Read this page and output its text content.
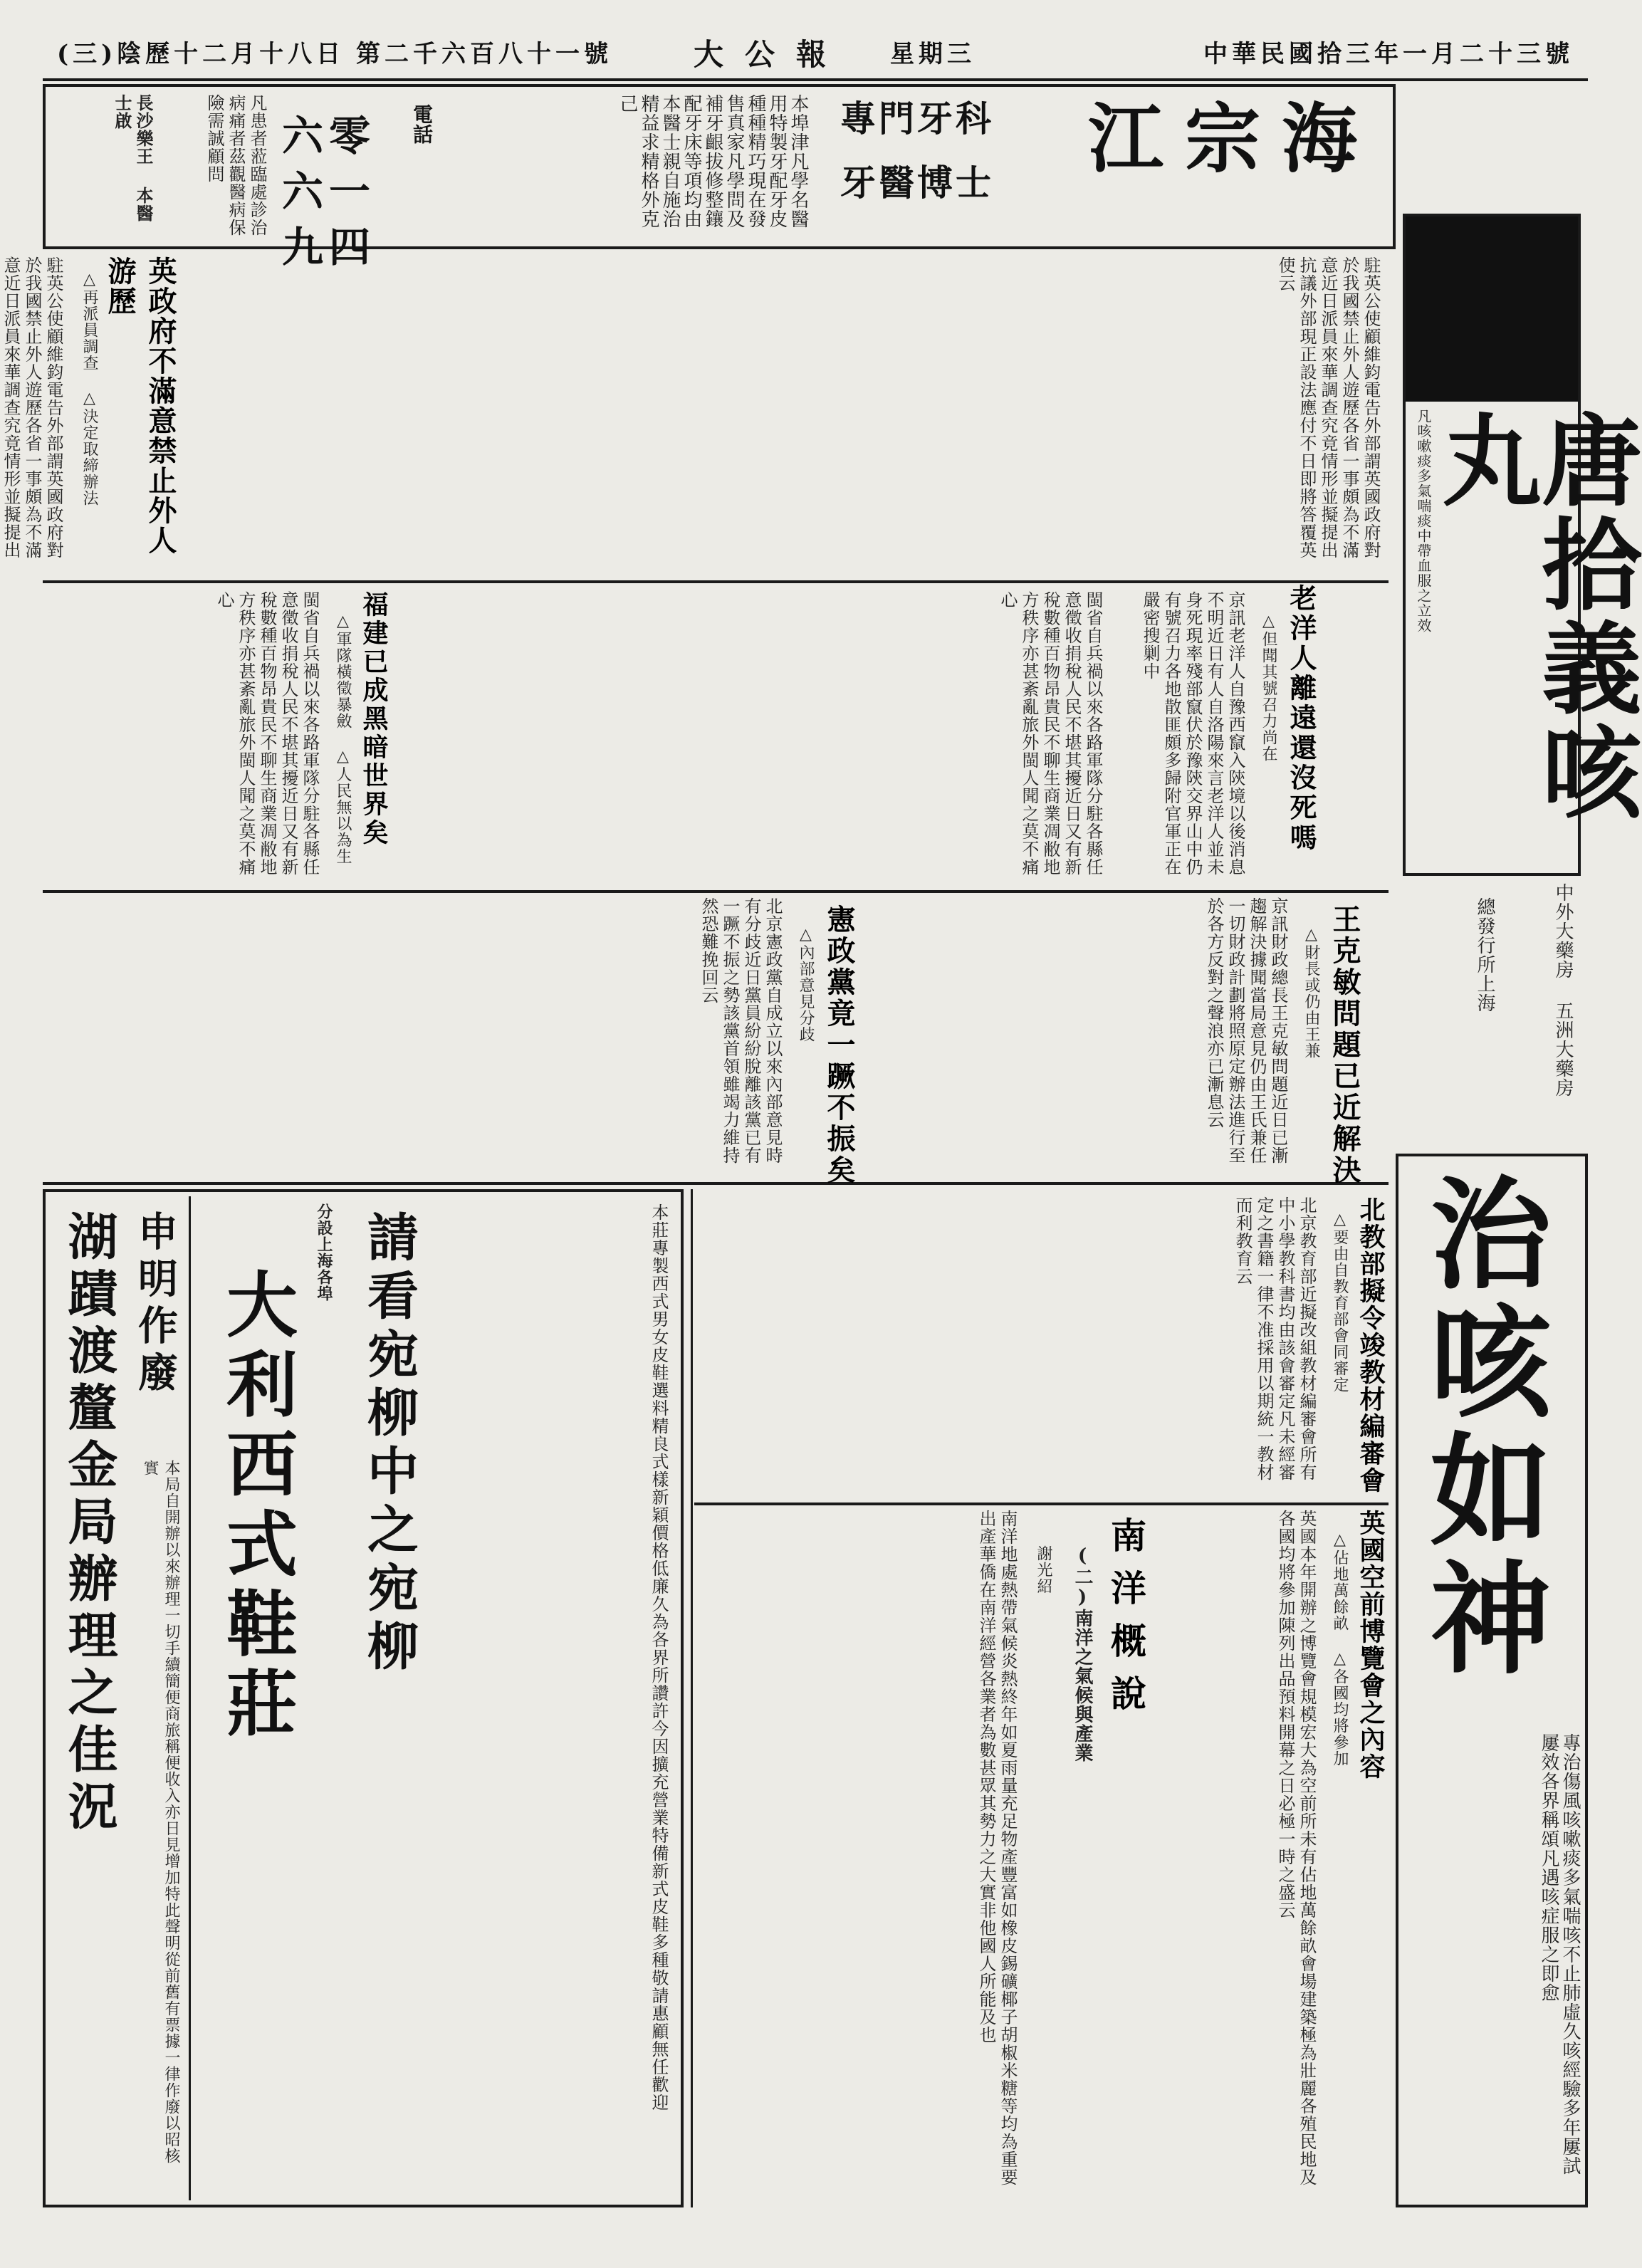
中華民國拾三年一月二十三號
星期三
大公報
第二千六百八十一號
(三)陰歷十二月十八日
江宗海
專門牙科
牙醫博士
本埠津凡學名醫用特製牙配牙皮種種精巧現在發售真家凡學問及補牙齦拔修整鑲配牙床等項均由本醫士親自施治精益求精格外克己
電話
六零六一九四
凡患者蒞臨處診治病痛者茲觀醫病保險需誠顧問
長沙樂王 本醫士啟
唐拾義咳丸
凡咳嗽痰多氣喘痰中帶血服之立效
中外大藥房 五洲大藥房
總發行所上海
治咳如神
專治傷風咳嗽痰多氣喘咳不止肺虛久咳經驗多年屢試屢效各界稱頌凡遇咳症服之即愈
英政府不滿意禁止外人游歷
△再派員調查 △決定取締辦法
駐英公使顧維鈞電告外部謂英國政府對於我國禁止外人遊歷各省一事頗為不滿意近日派員來華調查究竟情形並擬提出
老洋人離遠還沒死嗎
△但聞其號召力尚在
京訊老洋人自豫西竄入陝境以後消息不明近日有人自洛陽來言老洋人並未身死現率殘部竄伏於豫陝交界山中仍有號召力各地散匪頗多歸附官軍正在嚴密搜剿中
駐英公使顧維鈞電告外部謂英國政府對於我國禁止外人遊歷各省一事頗為不滿意近日派員來華調查究竟情形並擬提出抗議外部現正設法應付不日即將答覆英使云
福建已成黑暗世界矣
△軍隊橫徵暴斂 △人民無以為生
閩省自兵禍以來各路軍隊分駐各縣任意徵收捐稅人民不堪其擾近日又有新稅數種百物昂貴民不聊生商業凋敝地方秩序亦甚紊亂旅外閩人聞之莫不痛心	閩省自兵禍以來各路軍隊分駐各縣任意徵收捐稅人民不堪其擾近日又有新稅數種百物昂貴民不聊生商業凋敝地方秩序亦甚紊亂旅外閩人聞之莫不痛心
王克敏問題已近解決
△財長或仍由王兼
京訊財政總長王克敏問題近日已漸趨解決據聞當局意見仍由王氏兼任一切財政計劃將照原定辦法進行至於各方反對之聲浪亦已漸息云
憲政黨竟一蹶不振矣
△內部意見分歧
北京憲政黨自成立以來內部意見時有分歧近日黨員紛紛脫離該黨已有一蹶不振之勢該黨首領雖竭力維持然恐難挽回云
湖蹟渡釐金局辦理之佳況 申明作廢
本局自開辦以來辦理一切手續簡便商旅稱便收入亦日見增加特此聲明從前舊有票據一律作廢以昭核實 大利西式鞋莊
分設上海各埠 請看宛柳中之宛柳	本莊專製西式男女皮鞋選料精良式樣新穎價格低廉久為各界所讚許今因擴充營業特備新式皮鞋多種敬請惠顧無任歡迎	北教部擬令竣教材編審會
△要由自教育部會同審定
北京教育部近擬改組教材編審會所有中小學教科書均由該會審定凡未經審定之書籍一律不准採用以期統一教材而利教育云
英國空前博覽會之內容
△佔地萬餘畝 △各國均將參加
英國本年開辦之博覽會規模宏大為空前所未有佔地萬餘畝會場建築極為壯麗各殖民地及各國均將參加陳列出品預料開幕之日必極一時之盛云
南洋概說
(二)南洋之氣候與產業
謝光紹
南洋地處熱帶氣候炎熱終年如夏雨量充足物產豐富如橡皮錫礦椰子胡椒米糖等均為重要出產華僑在南洋經營各業者為數甚眾其勢力之大實非他國人所能及也
